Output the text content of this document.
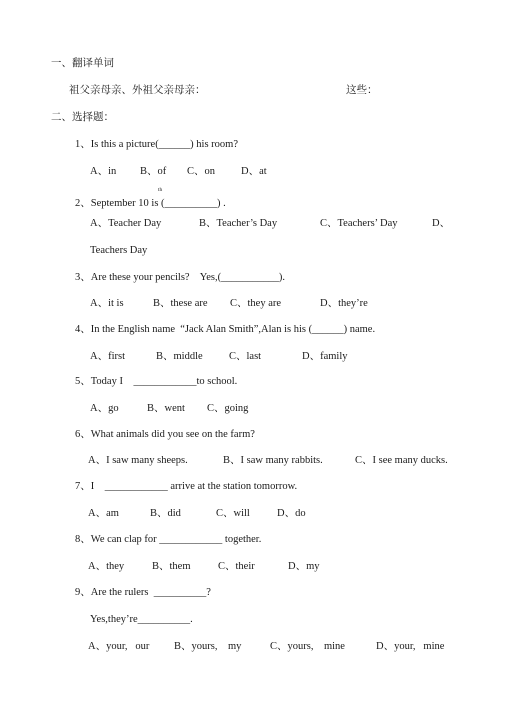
一、翻译单词
祖父亲母亲、外祖父亲母亲：	这些：
二、选择题：
1、Is this a picture(______) his room?
A、in B、of C、on D、at
th
2、September 10 is (__________) .
A、Teacher Day	B、Teacher’s Day	C、Teachers’ Day	D、
Teachers Day
3、Are these your pencils?    Yes,(___________).
A、it is	B、these are C、they are	D、they’re
4、In the English name  “Jack Alan Smith”,Alan is his (______) name.
A、first	B、middle	C、last	D、family
5、Today I    ____________to school.
A、go	B、went C、going
6、What animals did you see on the farm?
A、I saw many sheeps.	B、I saw many rabbits.	C、I see many ducks.
7、I    ____________ arrive at the station tomorrow.
A、am	B、did	C、will	D、do
8、We can clap for ____________ together.
A、they	B、them	C、their	D、my
9、Are the rulers  __________?
Yes,they’re__________.
A、your,   our B、yours,    my	C、yours,    mine	D、your,   mine
